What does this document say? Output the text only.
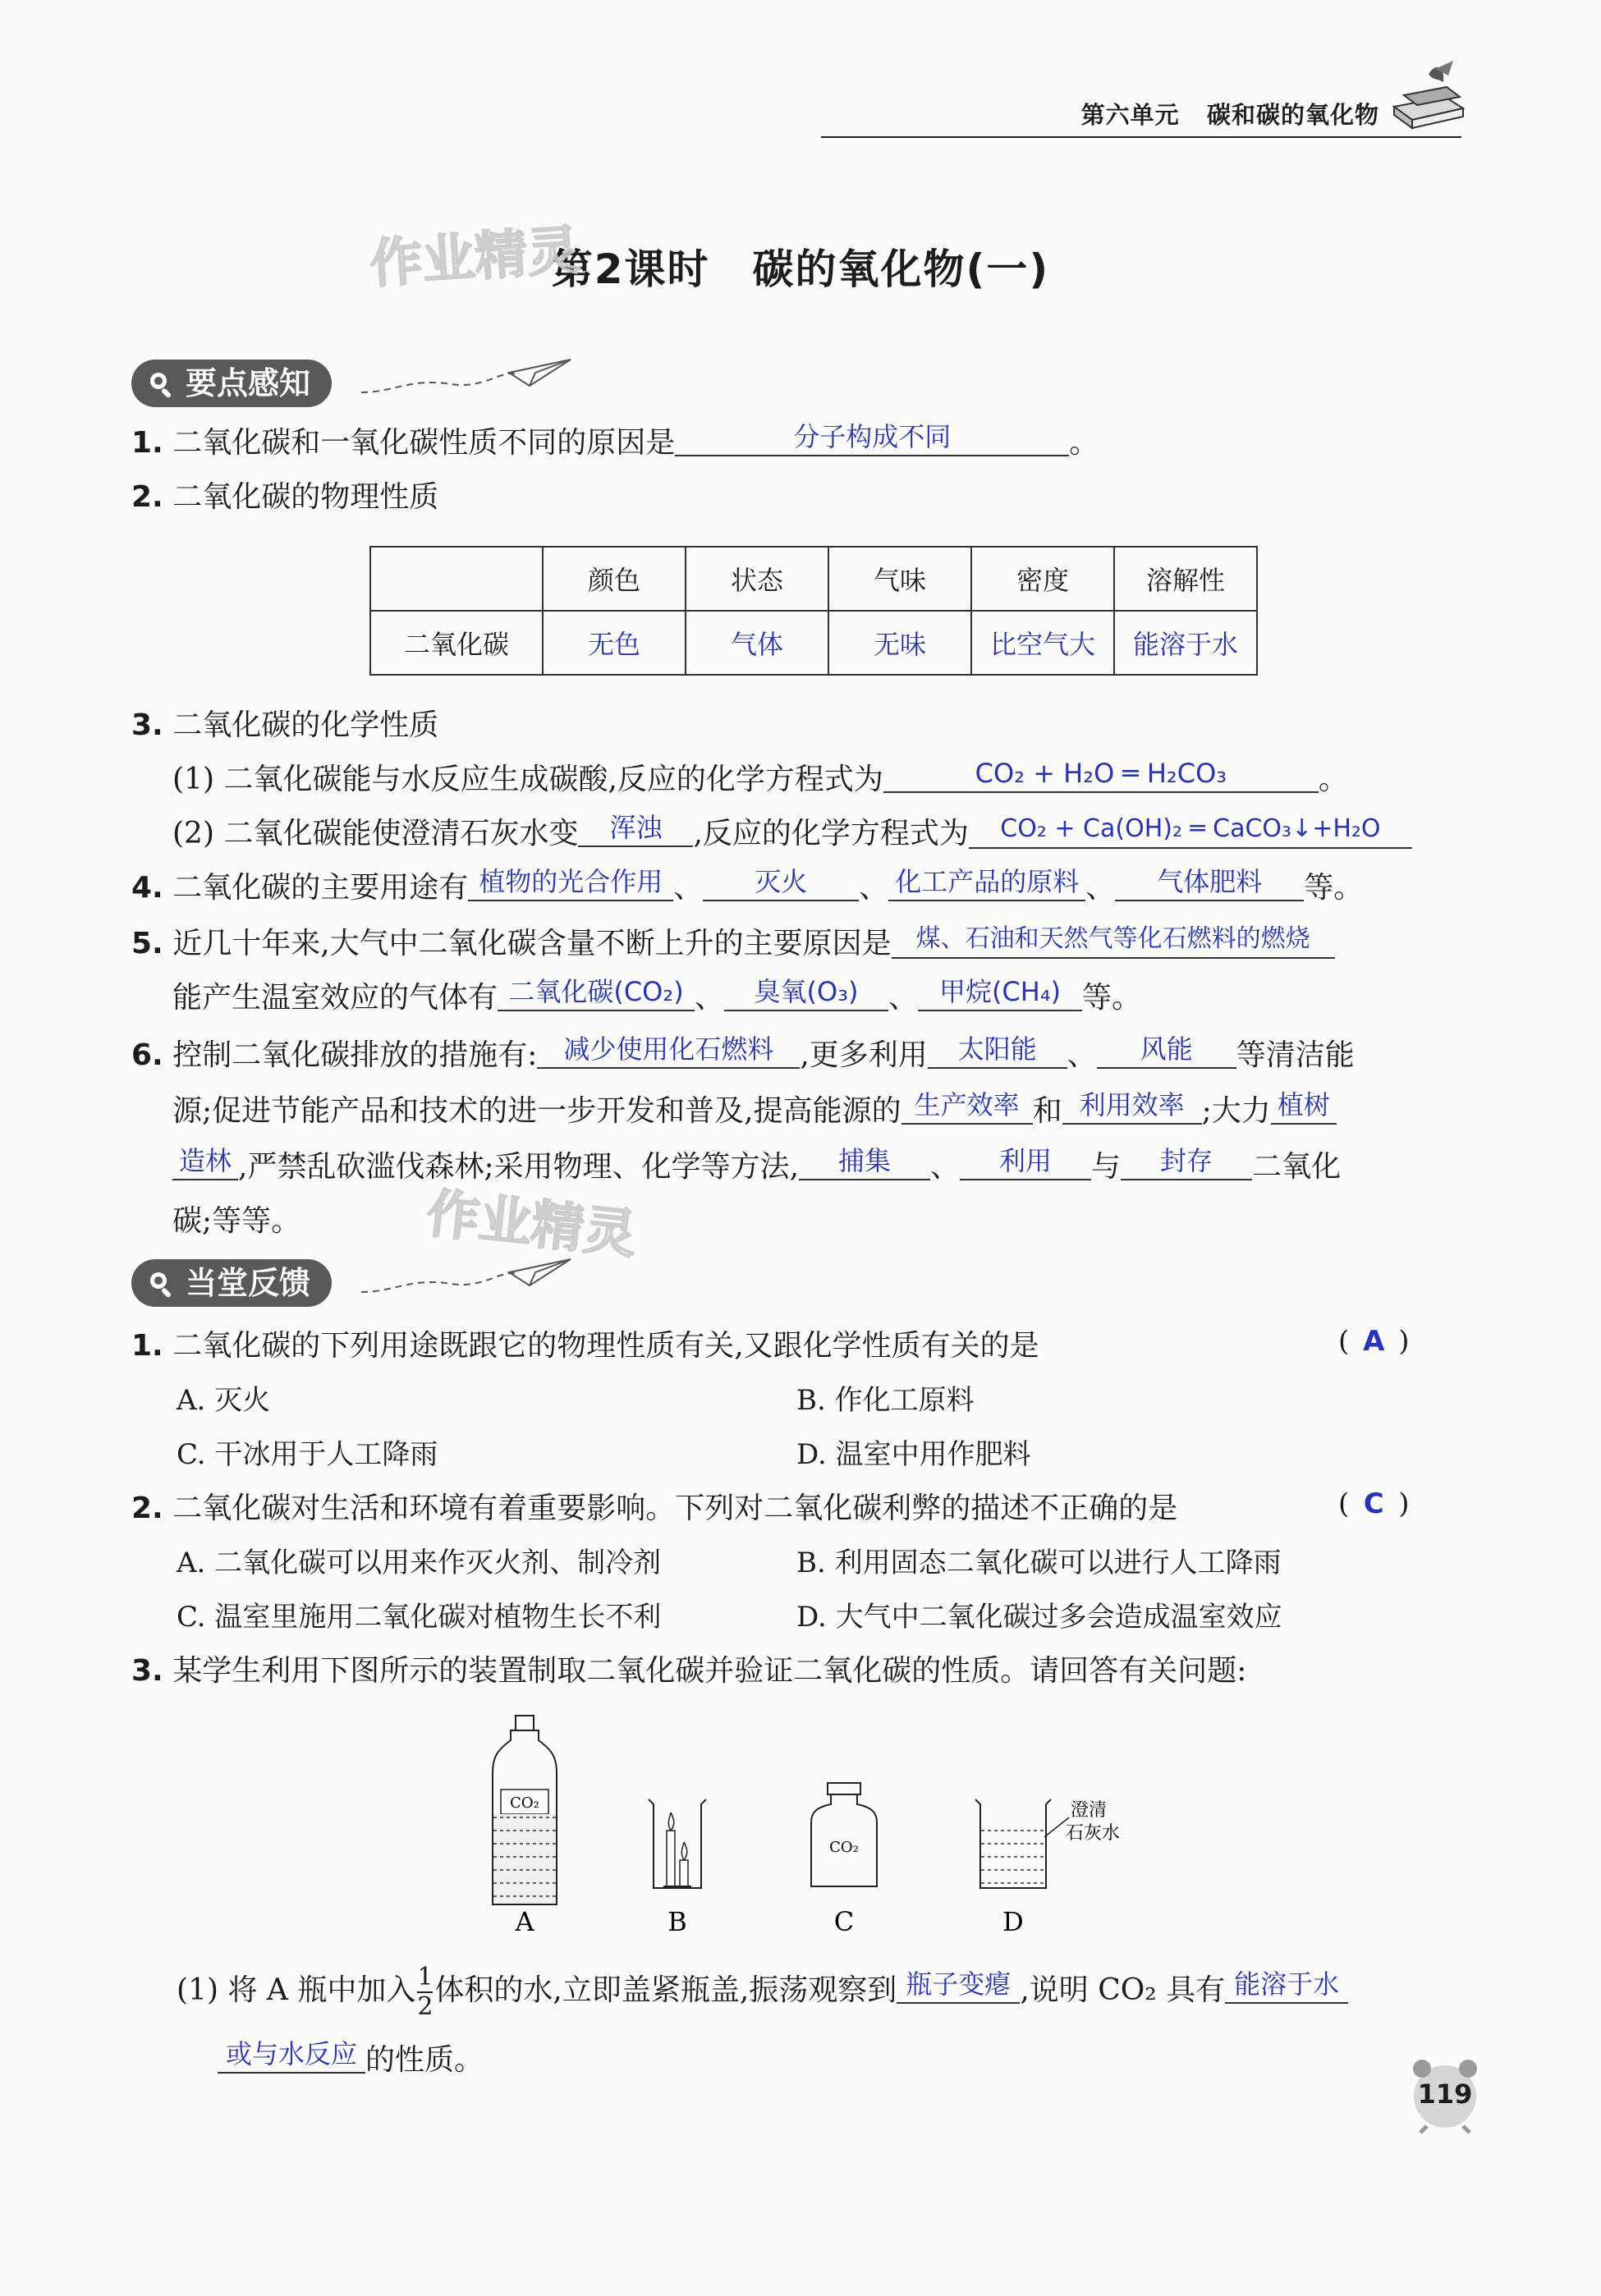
第六单元 碳和碳的氧化物
第2课时　碳的氧化物(一)
作业精灵
要点感知
1. 二氧化碳和一氧化碳性质不同的原因是	分子构成不同	。
2. 二氧化碳的物理性质
	颜色	状态	气味	密度	溶解性
二氧化碳	无色	气体	无味	比空气大	能溶于水
3. 二氧化碳的化学性质
(1) 二氧化碳能与水反应生成碳酸,反应的化学方程式为	CO₂ + H₂O ═ H₂CO₃	。
(2) 二氧化碳能使澄清石灰水变 浑浊 ,反应的化学方程式为 CO₂ + Ca(OH)₂ ═ CaCO₃↓+H₂O
4. 二氧化碳的主要用途有 植物的光合作用 、 灭火 、 化工产品的原料 、 气体肥料 等。
5. 近几十年来,大气中二氧化碳含量不断上升的主要原因是 煤、石油和天然气等化石燃料的燃烧
能产生温室效应的气体有 二氧化碳(CO₂) 、 臭氧(O₃) 、 甲烷(CH₄) 等。
6. 控制二氧化碳排放的措施有: 减少使用化石燃料 ,更多利用 太阳能 、 风能 等清洁能
源;促进节能产品和技术的进一步开发和普及,提高能源的 生产效率 和 利用效率 ;大力 植树
造林 ,严禁乱砍滥伐森林;采用物理、化学等方法, 捕集 、 利用 与 封存 二氧化
碳;等等。 作业精灵
当堂反馈
1. 二氧化碳的下列用途既跟它的物理性质有关,又跟化学性质有关的是	( A )
A. 灭火	B. 作化工原料
C. 干冰用于人工降雨	D. 温室中用作肥料
2. 二氧化碳对生活和环境有着重要影响。下列对二氧化碳利弊的描述不正确的是	( C )
A. 二氧化碳可以用来作灭火剂、制冷剂	B. 利用固态二氧化碳可以进行人工降雨
C. 温室里施用二氧化碳对植物生长不利	D. 大气中二氧化碳过多会造成温室效应
3. 某学生利用下图所示的装置制取二氧化碳并验证二氧化碳的性质。请回答有关问题:
CO₂
CO₂
澄清
石灰水
A	B	C	D
(1) 将 A 瓶中加入 $\frac{1}{2}$ 体积的水,立即盖紧瓶盖,振荡观察到 瓶子变瘪 ,说明 CO₂ 具有 能溶于水
或与水反应 的性质。
119
